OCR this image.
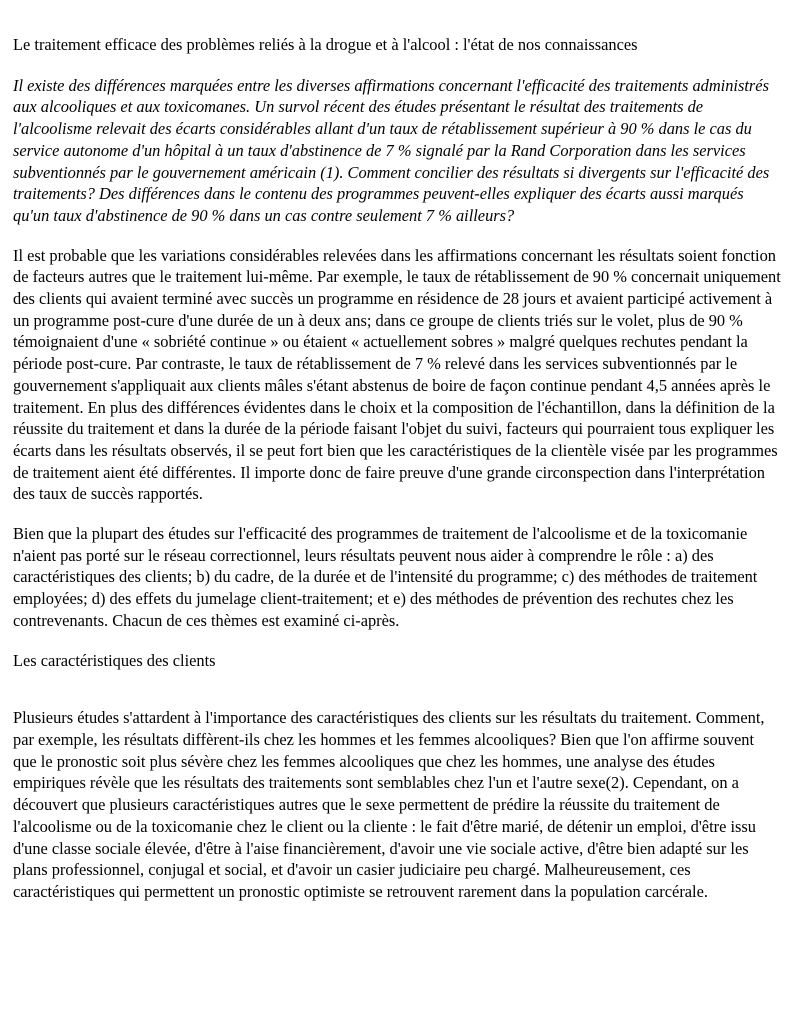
Le traitement efficace des problèmes reliés à la drogue et à l'alcool : l'état de nos connaissances

Il existe des différences marquées entre les diverses affirmations concernant l'efficacité des traitements administrés aux alcooliques et aux toxicomanes. Un survol récent des études présentant le résultat des traitements de l'alcoolisme relevait des écarts considérables allant d'un taux de rétablissement supérieur à 90 % dans le cas du service autonome d'un hôpital à un taux d'abstinence de 7 % signalé par la Rand Corporation dans les services subventionnés par le gouvernement américain (1). Comment concilier des résultats si divergents sur l'efficacité des traitements? Des différences dans le contenu des programmes peuvent-elles expliquer des écarts aussi marqués qu'un taux d'abstinence de 90 % dans un cas contre seulement 7 % ailleurs?

Il est probable que les variations considérables relevées dans les affirmations concernant les résultats soient fonction de facteurs autres que le traitement lui-même. Par exemple, le taux de rétablissement de 90 % concernait uniquement des clients qui avaient terminé avec succès un programme en résidence de 28 jours et avaient participé activement à un programme post-cure d'une durée de un à deux ans; dans ce groupe de clients triés sur le volet, plus de 90 % témoignaient d'une « sobriété continue » ou étaient « actuellement sobres » malgré quelques rechutes pendant la période post-cure. Par contraste, le taux de rétablissement de 7 % relevé dans les services subventionnés par le gouvernement s'appliquait aux clients mâles s'étant abstenus de boire de façon continue pendant 4,5 années après le traitement. En plus des différences évidentes dans le choix et la composition de l'échantillon, dans la définition de la réussite du traitement et dans la durée de la période faisant l'objet du suivi, facteurs qui pourraient tous expliquer les écarts dans les résultats observés, il se peut fort bien que les caractéristiques de la clientèle visée par les programmes de traitement aient été différentes. Il importe donc de faire preuve d'une grande circonspection dans l'interprétation des taux de succès rapportés.

Bien que la plupart des études sur l'efficacité des programmes de traitement de l'alcoolisme et de la toxicomanie n'aient pas porté sur le réseau correctionnel, leurs résultats peuvent nous aider à comprendre le rôle : a) des caractéristiques des clients; b) du cadre, de la durée et de l'intensité du programme; c) des méthodes de traitement employées; d) des effets du jumelage client-traitement; et e) des méthodes de prévention des rechutes chez les contrevenants. Chacun de ces thèmes est examiné ci-après.

Les caractéristiques des clients

Plusieurs études s'attardent à l'importance des caractéristiques des clients sur les résultats du traitement. Comment, par exemple, les résultats diffèrent-ils chez les hommes et les femmes alcooliques? Bien que l'on affirme souvent que le pronostic soit plus sévère chez les femmes alcooliques que chez les hommes, une analyse des études empiriques révèle que les résultats des traitements sont semblables chez l'un et l'autre sexe(2). Cependant, on a découvert que plusieurs caractéristiques autres que le sexe permettent de prédire la réussite du traitement de l'alcoolisme ou de la toxicomanie chez le client ou la cliente : le fait d'être marié, de détenir un emploi, d'être issu d'une classe sociale élevée, d'être à l'aise financièrement, d'avoir une vie sociale active, d'être bien adapté sur les plans professionnel, conjugal et social, et d'avoir un casier judiciaire peu chargé. Malheureusement, ces caractéristiques qui permettent un pronostic optimiste se retrouvent rarement dans la population carcérale.
